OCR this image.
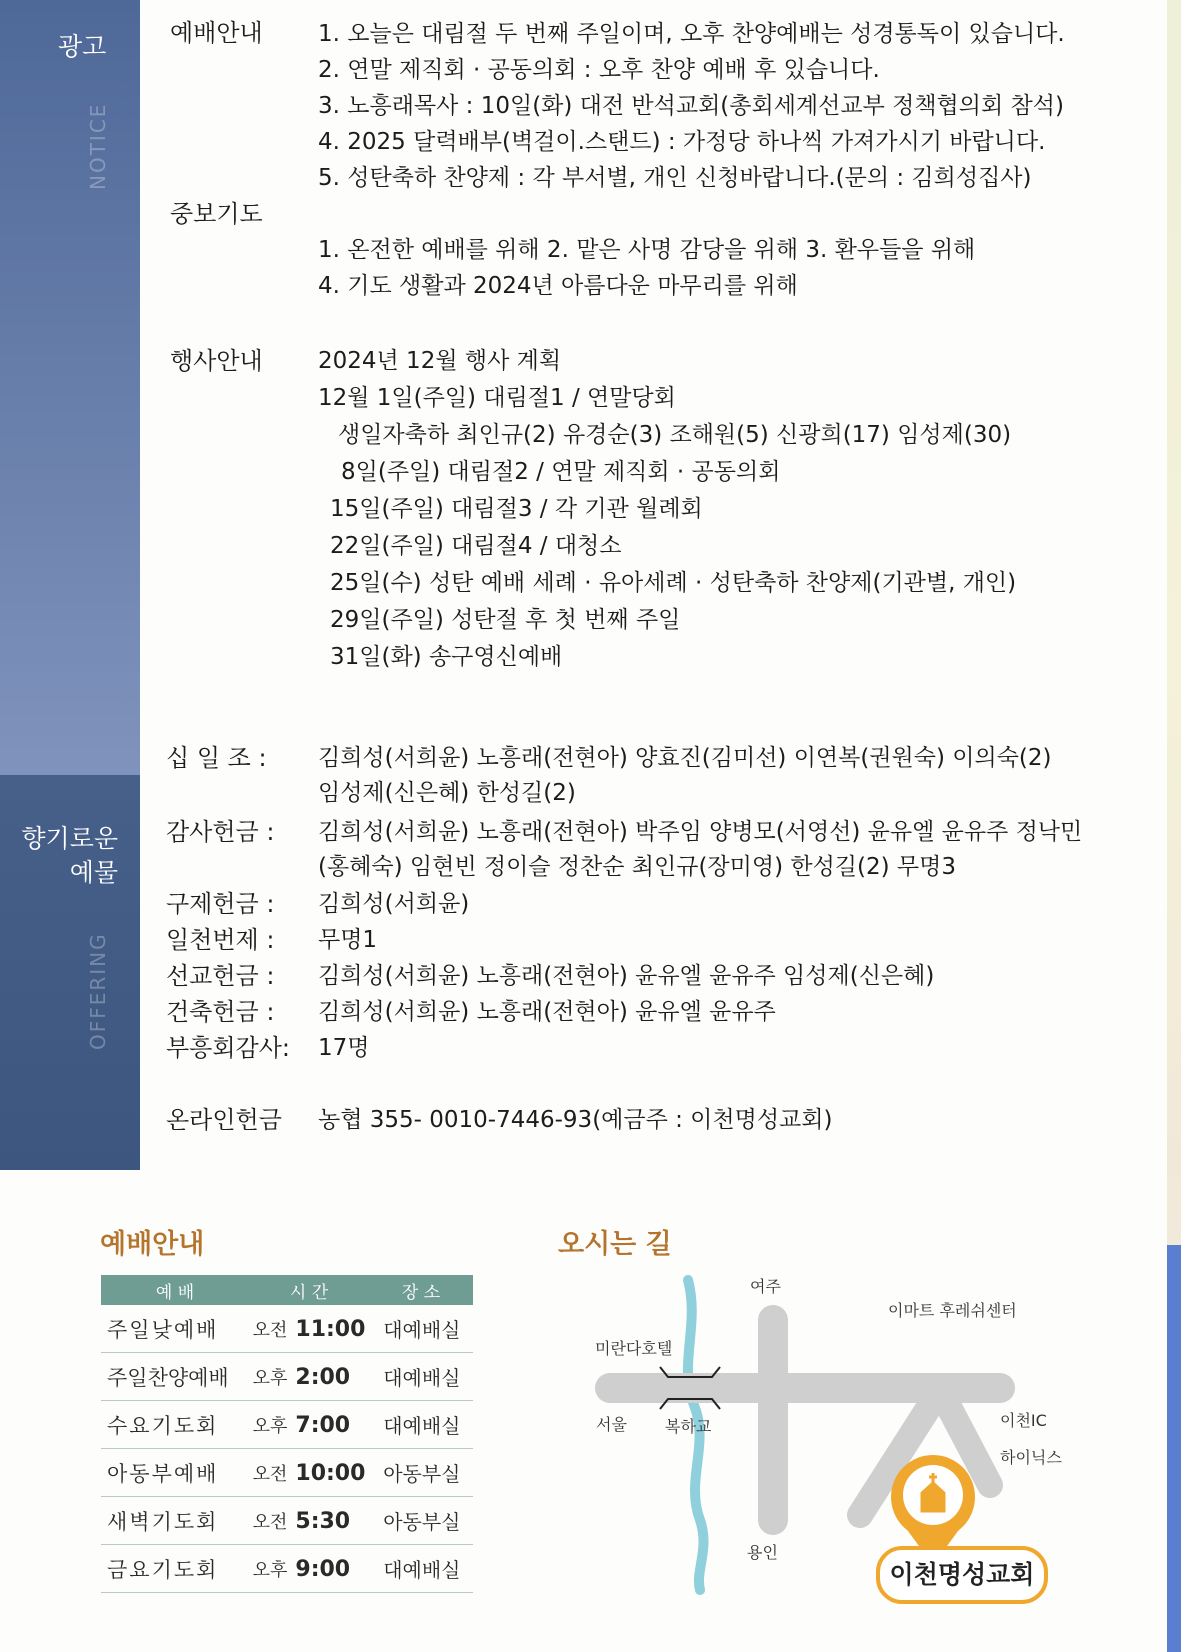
광고
NOTICE
향기로운
예물
OFFERING
예배안내 1. 오늘은 대림절 두 번째 주일이며, 오후 찬양예배는 성경통독이 있습니다.
2. 연말 제직회 · 공동의회 : 오후 찬양 예배 후 있습니다.
3. 노흥래목사 : 10일(화) 대전 반석교회(총회세계선교부 정책협의회 참석)
4. 2025 달력배부(벽걸이.스탠드) : 가정당 하나씩 가져가시기 바랍니다.
5. 성탄축하 찬양제 : 각 부서별, 개인 신청바랍니다.(문의 : 김희성집사)
중보기도
1. 온전한 예배를 위해 2. 맡은 사명 감당을 위해 3. 환우들을 위해
4. 기도 생활과 2024년 아름다운 마무리를 위해
행사안내 2024년 12월 행사 계획
12월 1일(주일) 대림절1 / 연말당회
생일자축하 최인규(2) 유경순(3) 조해원(5) 신광희(17) 임성제(30)
8일(주일) 대림절2 / 연말 제직회 · 공동의회
15일(주일) 대림절3 / 각 기관 월례회
22일(주일) 대림절4 / 대청소
25일(수) 성탄 예배 세례 · 유아세례 · 성탄축하 찬양제(기관별, 개인)
29일(주일) 성탄절 후 첫 번째 주일
31일(화) 송구영신예배
십 일 조 : 김희성(서희윤) 노흥래(전현아) 양효진(김미선) 이연복(권원숙) 이의숙(2)
임성제(신은혜) 한성길(2)
감사헌금 : 김희성(서희윤) 노흥래(전현아) 박주임 양병모(서영선) 윤유엘 윤유주 정낙민
(홍혜숙) 임현빈 정이슬 정찬순 최인규(장미영) 한성길(2) 무명3
구제헌금 : 김희성(서희윤)
일천번제 : 무명1
선교헌금 : 김희성(서희윤) 노흥래(전현아) 윤유엘 윤유주 임성제(신은혜)
건축헌금 : 김희성(서희윤) 노흥래(전현아) 윤유엘 윤유주
부흥회감사: 17명
온라인헌금 농협 355- 0010-7446-93(예금주 : 이천명성교회)
예배안내
예 배	시 간	장 소
주일낮예배	오전 11:00 대예배실
주일찬양예배	오후 2:00	대예배실
수요기도회	오후 7:00	대예배실
아동부예배	오전 10:00 아동부실
새벽기도회	오전 5:30	아동부실
금요기도회	오후 9:00	대예배실
오시는 길
여주
이마트 후레쉬센터
미란다호텔
서울 복하교	이천IC
하이닉스
용인
이천명성교회
